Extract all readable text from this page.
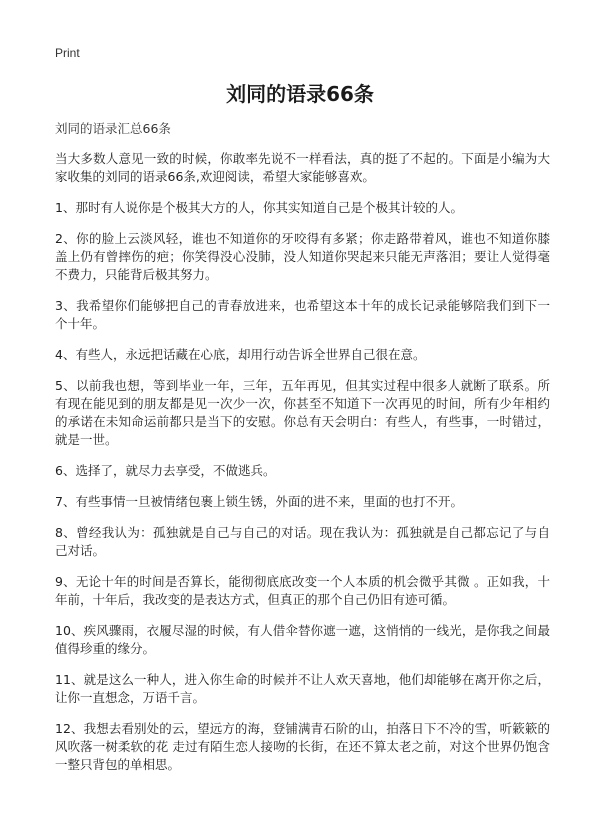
Print
刘同的语录66条
刘同的语录汇总66条

当大多数人意见一致的时候，你敢率先说不一样看法，真的挺了不起的。下面是小编为大家收集的刘同的语录66条,欢迎阅读，希望大家能够喜欢。

1、那时有人说你是个极其大方的人，你其实知道自己是个极其计较的人。

2、你的脸上云淡风轻，谁也不知道你的牙咬得有多紧；你走路带着风，谁也不知道你膝盖上仍有曾摔伤的疤；你笑得没心没肺，没人知道你哭起来只能无声落泪；要让人觉得毫不费力，只能背后极其努力。

3、我希望你们能够把自己的青春放进来，也希望这本十年的成长记录能够陪我们到下一个十年。

4、有些人，永远把话藏在心底，却用行动告诉全世界自己很在意。

5、以前我也想，等到毕业一年，三年，五年再见，但其实过程中很多人就断了联系。所有现在能见到的朋友都是见一次少一次，你甚至不知道下一次再见的时间，所有少年相约的承诺在未知命运前都只是当下的安慰。你总有天会明白：有些人，有些事，一时错过，就是一世。

6、选择了，就尽力去享受，不做逃兵。

7、有些事情一旦被情绪包裹上锁生锈，外面的进不来，里面的也打不开。

8、曾经我认为：孤独就是自己与自己的对话。现在我认为：孤独就是自己都忘记了与自己对话。

9、无论十年的时间是否算长，能彻彻底底改变一个人本质的机会微乎其微 。正如我，十年前，十年后，我改变的是表达方式，但真正的那个自己仍旧有迹可循。

10、疾风骤雨，衣履尽湿的时候，有人借伞替你遮一遮，这悄悄的一线光，是你我之间最值得珍重的缘分。

11、就是这么一种人，进入你生命的时候并不让人欢天喜地，他们却能够在离开你之后，让你一直想念，万语千言。

12、我想去看别处的云，望远方的海，登铺满青石阶的山，拍落日下不冷的雪，听簌簌的风吹落一树柔软的花 走过有陌生恋人接吻的长街，在还不算太老之前，对这个世界仍饱含一整只背包的单相思。
